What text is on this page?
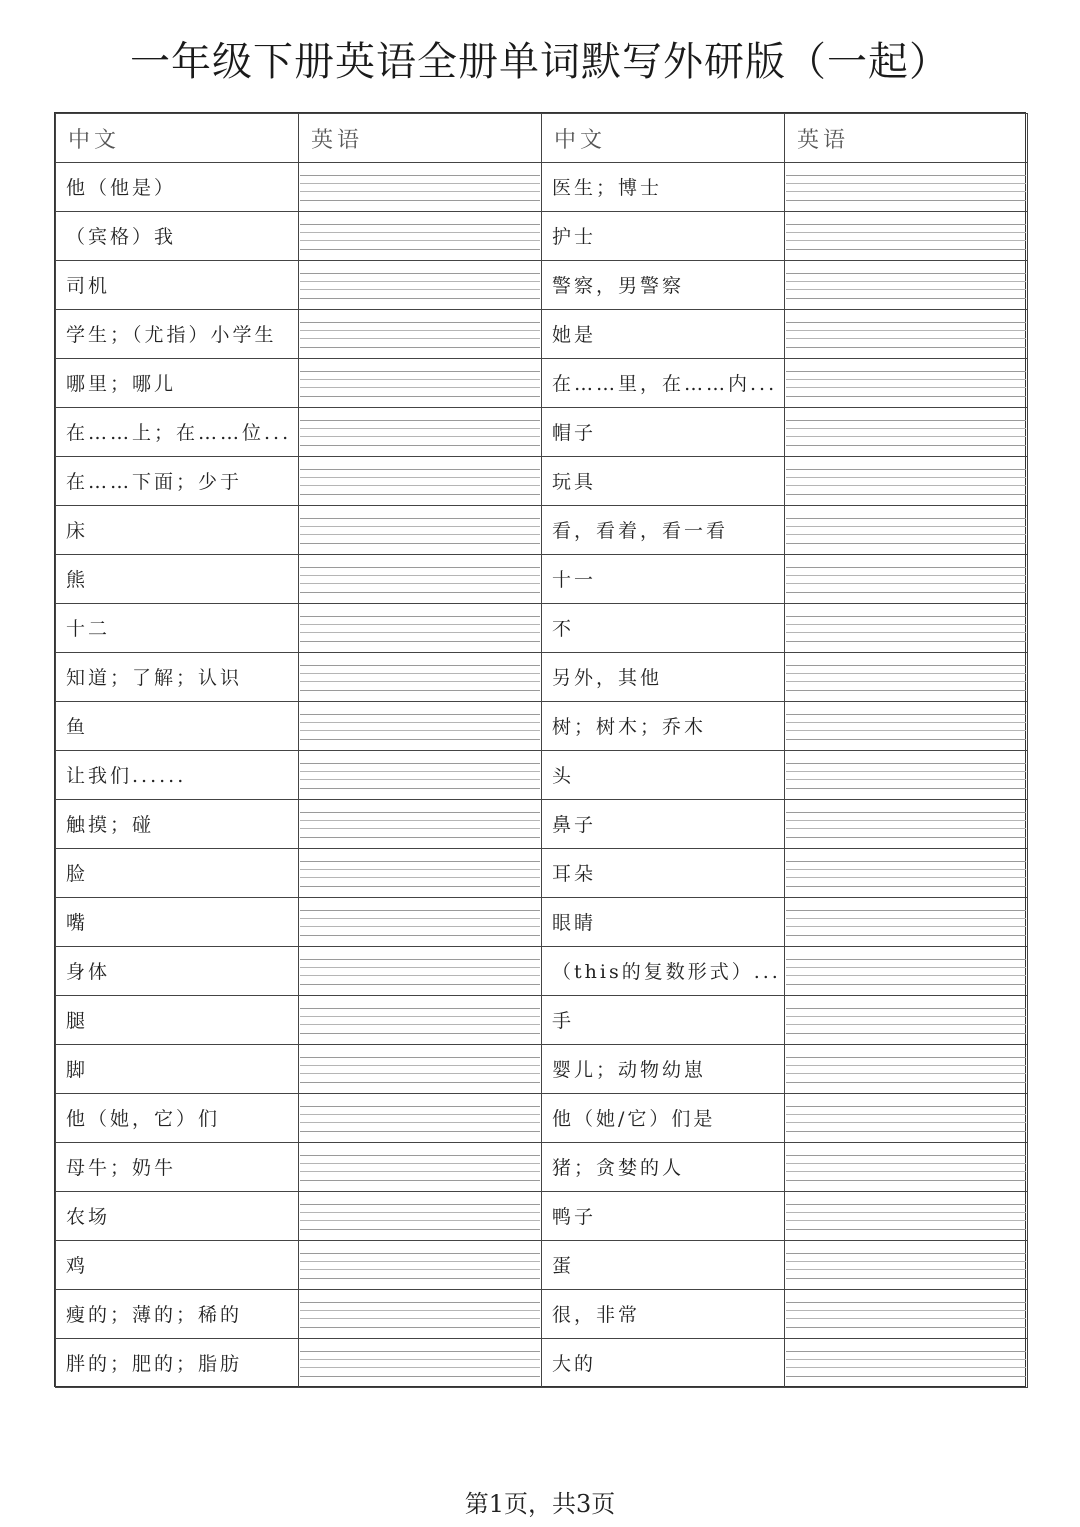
一年级下册英语全册单词默写外研版（一起）
中文	英语	中文	英语
他（他是）		医生；博士	

（宾格）我		护士	

司机		警察，男警察	

学生；（尤指）小学生		她是	

哪里；哪儿		在……里，在……内...	

在……上；在……位...		帽子	

在……下面；少于		玩具	

床		看，看着，看一看	

熊		十一	

十二		不	

知道；了解；认识		另外，其他	

鱼		树；树木；乔木	

让我们......		头	

触摸；碰		鼻子	

脸		耳朵	

嘴		眼睛	

身体		（this的复数形式）...	

腿		手	

脚		婴儿；动物幼崽	

他（她，它）们		他（她/它）们是	

母牛；奶牛		猪；贪婪的人	

农场		鸭子	

鸡		蛋	

瘦的；薄的；稀的		很，非常	

胖的；肥的；脂肪		大的	
第1页，共3页
